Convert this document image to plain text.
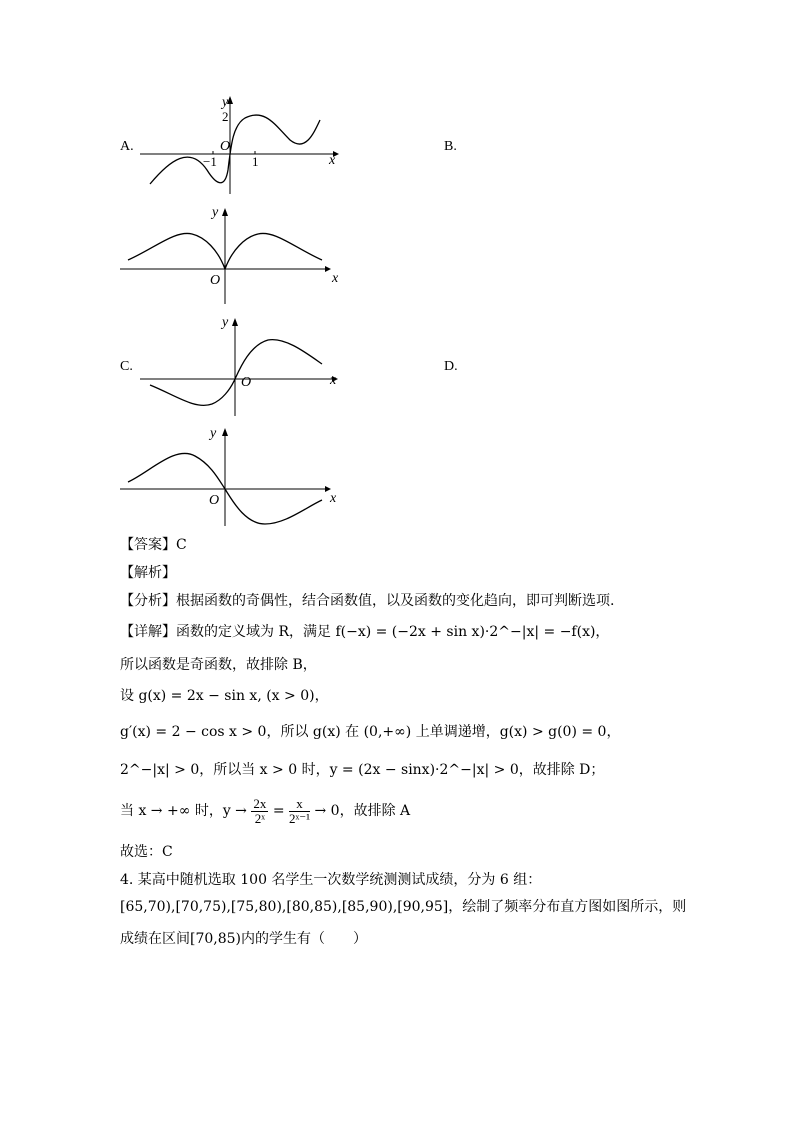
A.	B.
C.	D.
y
2
O
−1	1	x
y
O	x
y
O	x
y
O	x
【答案】C
【解析】
【分析】根据函数的奇偶性，结合函数值，以及函数的变化趋向，即可判断选项.
【详解】函数的定义域为 R，满足 f(−x) = (−2x + sin x)·2^−|x| = −f(x)，
所以函数是奇函数，故排除 B，
设 g(x) = 2x − sin x, (x > 0)，
g′(x) = 2 − cos x > 0，所以 g(x) 在 (0,+∞) 上单调递增，g(x) > g(0) = 0，
2^−|x| > 0，所以当 x > 0 时，y = (2x − sinx)·2^−|x| > 0，故排除 D；
当 x → +∞ 时，$y \to \frac{2x}{\text{2ˣ}} = \frac{x}{\text{2ˣ⁻¹}} \to 0$，故排除 A
故选：C
4. 某高中随机选取 100 名学生一次数学统测测试成绩，分为 6 组：
[65,70),[70,75),[75,80),[80,85),[85,90),[90,95]，绘制了频率分布直方图如图所示，则
成绩在区间[70,85)内的学生有（　　）
